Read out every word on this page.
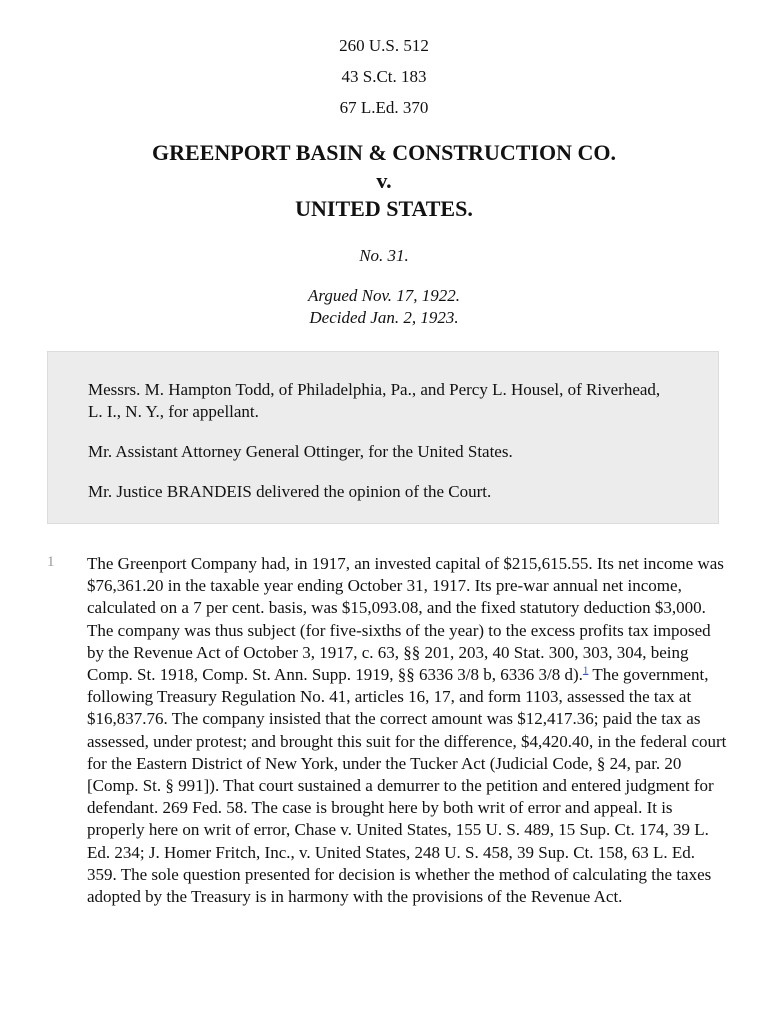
260 U.S. 512
43 S.Ct. 183
67 L.Ed. 370
GREENPORT BASIN & CONSTRUCTION CO.
v.
UNITED STATES.
No. 31.
Argued Nov. 17, 1922.
Decided Jan. 2, 1923.

Messrs. M. Hampton Todd, of Philadelphia, Pa., and Percy L. Housel, of Riverhead, L. I., N. Y., for appellant.

Mr. Assistant Attorney General Ottinger, for the United States.

Mr. Justice BRANDEIS delivered the opinion of the Court.

1 The Greenport Company had, in 1917, an invested capital of $215,615.55. Its net income was $76,361.20 in the taxable year ending October 31, 1917. Its pre-war annual net income, calculated on a 7 per cent. basis, was $15,093.08, and the fixed statutory deduction $3,000. The company was thus subject (for five-sixths of the year) to the excess profits tax imposed by the Revenue Act of October 3, 1917, c. 63, §§ 201, 203, 40 Stat. 300, 303, 304, being Comp. St. 1918, Comp. St. Ann. Supp. 1919, §§ 6336 3/8 b, 6336 3/8 d).$^1$ The government, following Treasury Regulation No. 41, articles 16, 17, and form 1103, assessed the tax at $16,837.76. The company insisted that the correct amount was $12,417.36; paid the tax as assessed, under protest; and brought this suit for the difference, $4,420.40, in the federal court for the Eastern District of New York, under the Tucker Act (Judicial Code, § 24, par. 20 [Comp. St. § 991]). That court sustained a demurrer to the petition and entered judgment for defendant. 269 Fed. 58. The case is brought here by both writ of error and appeal. It is properly here on writ of error, Chase v. United States, 155 U. S. 489, 15 Sup. Ct. 174, 39 L. Ed. 234; J. Homer Fritch, Inc., v. United States, 248 U. S. 458, 39 Sup. Ct. 158, 63 L. Ed. 359. The sole question presented for decision is whether the method of calculating the taxes adopted by the Treasury is in harmony with the provisions of the Revenue Act.
